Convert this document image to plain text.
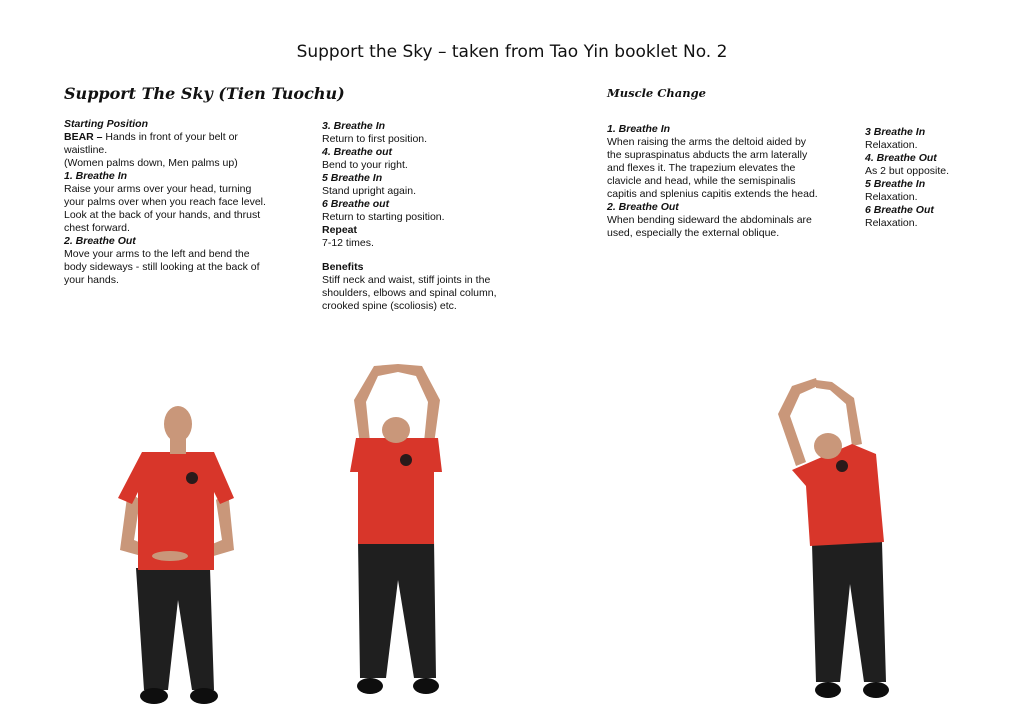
Support the Sky – taken from Tao Yin booklet No. 2
Support The Sky (Tien Tuochu)	Muscle Change
Starting Position
BEAR – Hands in front of your belt or
waistline.
(Women palms down, Men palms up)
1. Breathe In
Raise your arms over your head, turning
your palms over when you reach face level.
Look at the back of your hands, and thrust
chest forward.
2. Breathe Out
Move your arms to the left and bend the
body sideways - still looking at the back of
your hands.
3. Breathe In
Return to first position.
4. Breathe out
Bend to your right.
5 Breathe In
Stand upright again.
6 Breathe out
Return to starting position.
Repeat
7-12 times.
Benefits
Stiff neck and waist, stiff joints in the
shoulders, elbows and spinal column,
crooked spine (scoliosis) etc.
1. Breathe In
When raising the arms the deltoid aided by
the supraspinatus abducts the arm laterally
and flexes it. The trapezium elevates the
clavicle and head, while the semispinalis
capitis and splenius capitis extends the head.
2. Breathe Out
When bending sideward the abdominals are
used, especially the external oblique.
3 Breathe In
Relaxation.
4. Breathe Out
As 2 but opposite.
5 Breathe In
Relaxation.
6 Breathe Out
Relaxation.
